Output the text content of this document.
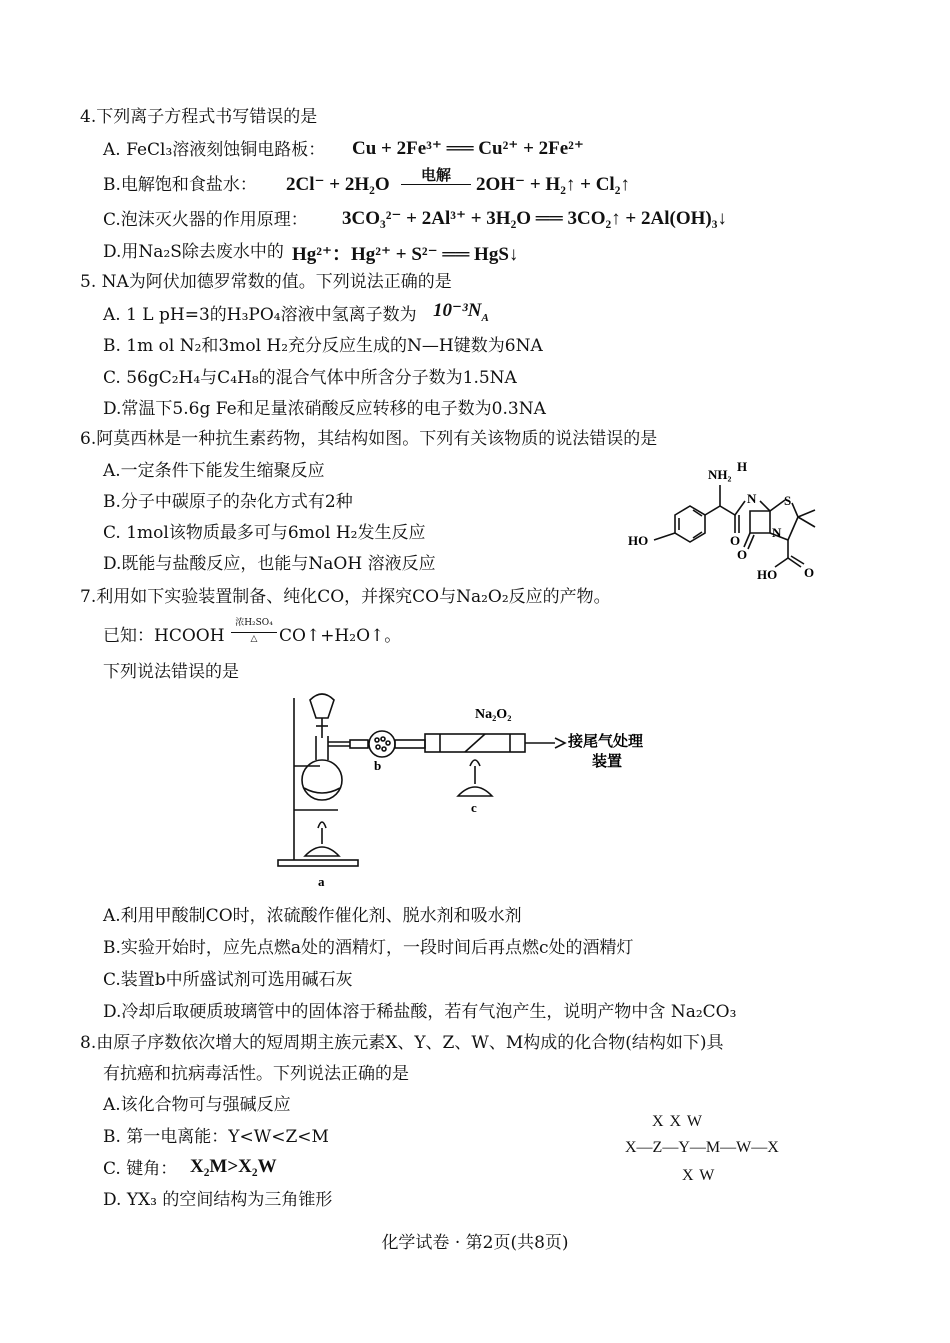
4.下列离子方程式书写错误的是
A. FeCl₃溶液刻蚀铜电路板： Cu + 2Fe³⁺ ══ Cu²⁺ + 2Fe²⁺
B.电解饱和食盐水： 2Cl⁻ + 2H₂O	电解	2OH⁻ + H₂↑ + Cl₂↑
C.泡沫灭火器的作用原理： 3CO₃²⁻ + 2Al³⁺ + 3H₂O ══ 3CO₂↑ + 2Al(OH)₃↓
D.用Na₂S除去废水中的 Hg²⁺：Hg²⁺ + S²⁻ ══ HgS↓
5. NA为阿伏加德罗常数的值。下列说法正确的是
A. 1 L pH=3的H₃PO₄溶液中氢离子数为 $10^{-3}N_A$
B. 1m ol N₂和3mol H₂充分反应生成的N—H键数为6NA
C. 56gC₂H₄与C₄H₈的混合气体中所含分子数为1.5NA
D.常温下5.6g Fe和足量浓硝酸反应转移的电子数为0.3NA
6.阿莫西林是一种抗生素药物，其结构如图。下列有关该物质的说法错误的是
A.一定条件下能发生缩聚反应
B.分子中碳原子的杂化方式有2种
C. 1mol该物质最多可与6mol H₂发生反应
D.既能与盐酸反应，也能与NaOH 溶液反应
NH₂
H
N S
HO	O
O
N
HO O
7.利用如下实验装置制备、纯化CO，并探究CO与Na₂O₂反应的产物。
已知：HCOOH
浓H₂SO₄
△	CO↑+H₂O↑。
下列说法错误的是
Na₂O₂
接尾气处理
装置
a
b
c
A.利用甲酸制CO时，浓硫酸作催化剂、脱水剂和吸水剂
B.实验开始时，应先点燃a处的酒精灯，一段时间后再点燃c处的酒精灯
C.装置b中所盛试剂可选用碱石灰
D.冷却后取硬质玻璃管中的固体溶于稀盐酸，若有气泡产生，说明产物中含 Na₂CO₃
8.由原子序数依次增大的短周期主族元素X、Y、Z、W、M构成的化合物(结构如下)具
有抗癌和抗病毒活性。下列说法正确的是
A.该化合物可与强碱反应
B. 第一电离能：Y<W<Z<M
C. 键角： X₂M>X₂W
D. YX₃ 的空间结构为三角锥形
X X W
X—Z—Y—M—W—X
X W
化学试卷 · 第2页(共8页)
